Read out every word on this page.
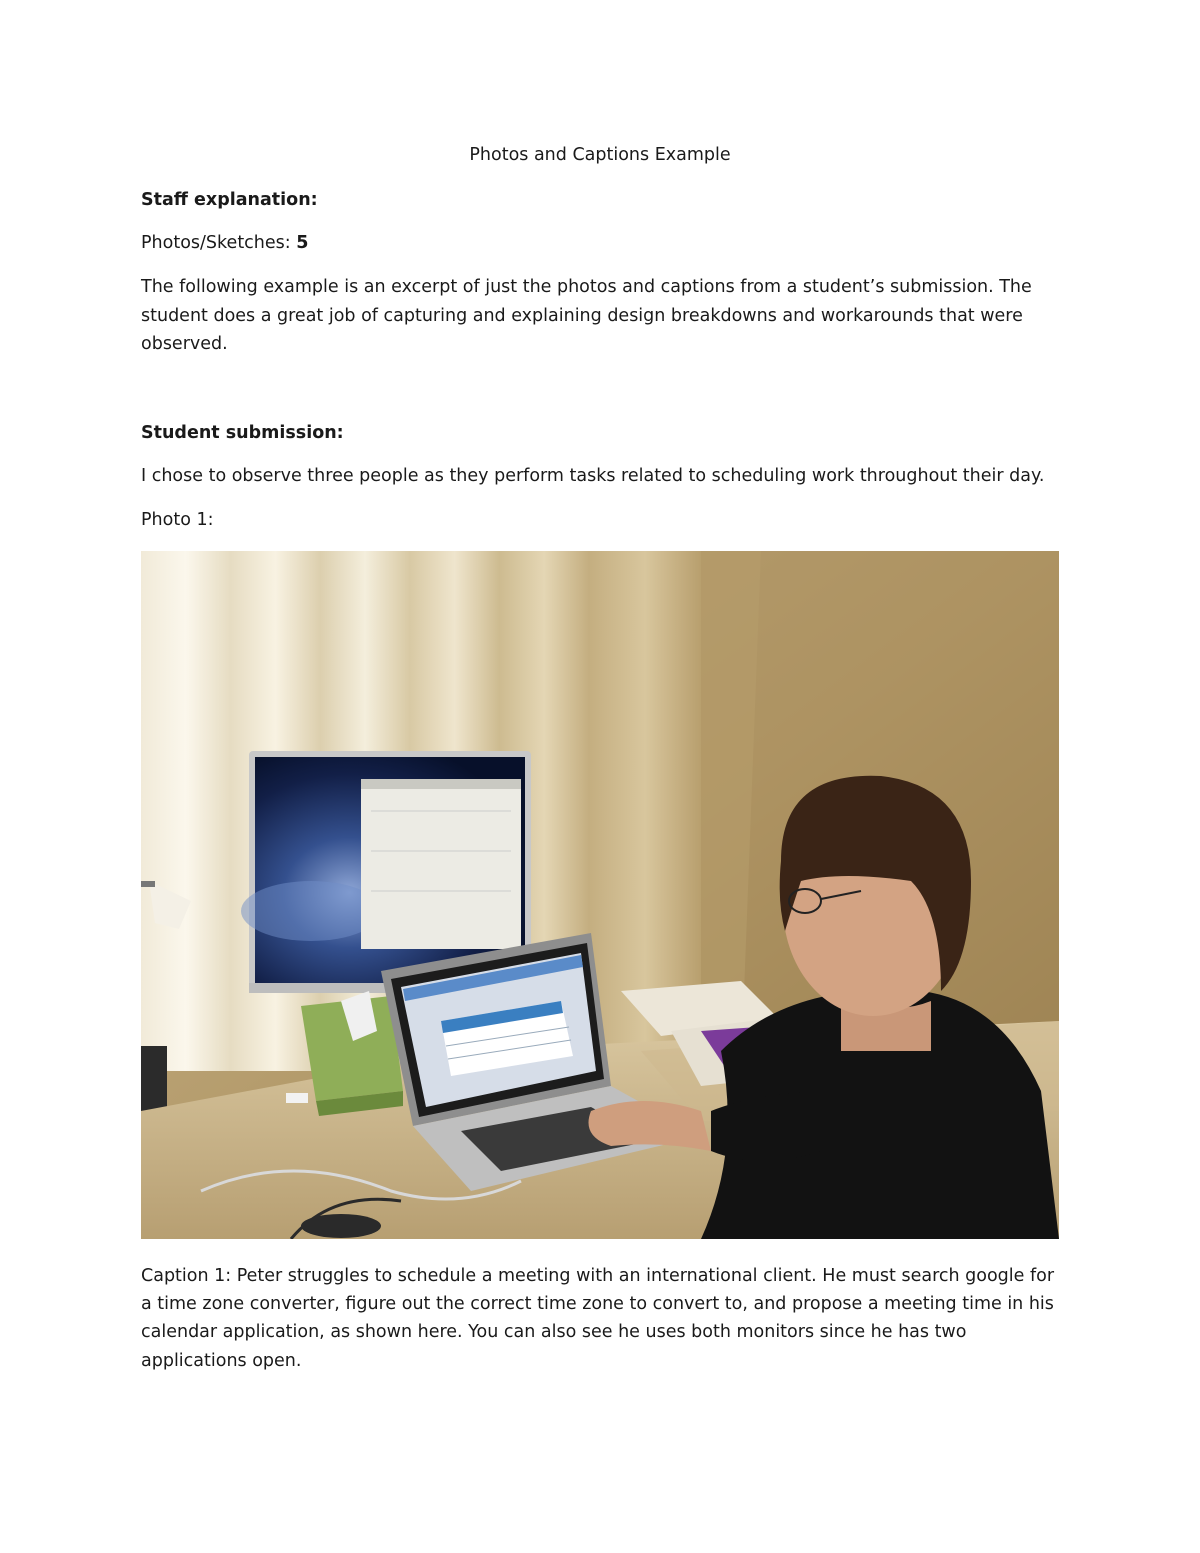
Photos and Captions Example
Staff explanation:
Photos/Sketches: 5
The following example is an excerpt of just the photos and captions from a student’s submission. The
student does a great job of capturing and explaining design breakdowns and workarounds that were
observed.
Student submission:
I chose to observe three people as they perform tasks related to scheduling work throughout their day.
Photo 1:
Caption 1: Peter struggles to schedule a meeting with an international client. He must search google for
a time zone converter, figure out the correct time zone to convert to, and propose a meeting time in his
calendar application, as shown here. You can also see he uses both monitors since he has two
applications open.
